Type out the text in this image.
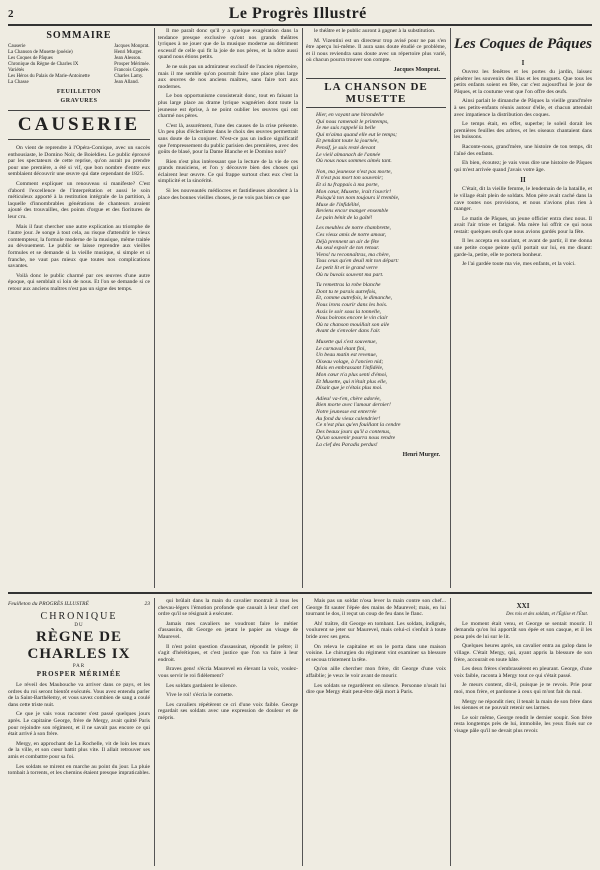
2	Le Progrès Illustré
SOMMAIRE
Causerie
La Chanson de Musette (poésie)
Les Coques de Pâques
Chronique du Règne de Charles IX
Variétés
Les Héros du Palais de Marie-Antoinette
La Chasse
Jacques Monprat.
Henri Murger.
Jean Alesson.
Prosper Mérimée.
Francois Coppée.
Charles Lamy.
Jean Alland.
FEUILLETON
GRAVURES
CAUSERIE

On vient de reprendre à l'Opéra-Comique, avec un succès enthousiaste, le Domino Noir, de Boieldieu. Le public éprouvé par les spectateurs de cette reprise, qu'on aurait pu prendre pour une première, a été si vif, que bon nombre d'entre eux semblaient découvrir une œuvre qui date cependant de 1825.

Comment expliquer un renouveau si manifeste? C'est d'abord l'excellence de l'interprétation et aussi le soin méticuleux apporté à la restitution intégrale de la partition, à laquelle d'innombrables générations de chanteurs avaient ajouté des trouvailles, des points d'orgue et des fioritures de leur cru.

Mais il faut chercher une autre explication au triomphe de l'autre jour. Je songe à tout cela, au risque d'attendrir le vieux comtempteur, la formule moderne de la musique, même traitée au dévouement. Le public se laisse reprendre aux vieilles formules et se demande si la vieille musique, si simple et si franche, ne vaut pas mieux que toutes nos complications savantes.

Voilà donc le public charmé par ces œuvres d'une autre époque, qui semblait si loin de nous. Et l'on se demande si ce retour aux anciens maîtres n'est pas un signe des temps.

Il me paraît donc qu'il y a quelque exagération dans la tendance presque exclusive qu'ont nos grands théâtres lyriques à ne jouer que de la musique moderne au détriment excessif de celle qui fit la joie de nos pères, et la nôtre aussi quand nous étions petits.

Je ne suis pas un admirateur exclusif de l'ancien répertoire, mais il me semble qu'on pourrait faire une place plus large aux œuvres de nos anciens maîtres, sans faire tort aux modernes.

Le bon opportunisme consisterait donc, tout en faisant la plus large place au drame lyrique wagnérien dont toute la jeunesse est éprise, à ne point oublier les œuvres qui ont charmé nos pères.

C'est là, assurément, l'une des causes de la crise présente. Un peu plus d'éclectisme dans le choix des œuvres permettrait sans doute de la conjurer. N'est-ce pas un indice significatif que l'empressement du public parisien des premières, avec des goûts de blasé, pour la Dame Blanche et le Domino noir?

Rien n'est plus intéressant que la lecture de la vie de ces grands musiciens, et l'on y découvre bien des choses qui éclairent leur œuvre. Ce qui frappe surtout chez eux c'est la simplicité et la sincérité.

Si les nouveautés médiocres et fastidieuses abondent à la place des bonnes vieilles choses, je ne vois pas bien ce que

le théâtre et le public auront à gagner à la substitution.

M. Vizentini est un directeur trop avisé pour ne pas s'en être aperçu lui-même. Il aura sans doute étudié ce problème, et il nous reviendra sans doute avec un répertoire plus varié, où chacun pourra trouver son compte.

Jacques Monprat.
LA CHANSON DE MUSETTE
Hier, en voyant une hirondelle
Qui nous ramenait le printemps,
Je me suis rappelé la belle
Qui m'aima quand elle eut le temps;
Et pendant toute la journée,
Pensif, je suis resté devant
Le vieil almanach de l'année
Où nous nous sommes aimés tant.
Non, ma jeunesse n'est pas morte,
Il n'est pas mort ton souvenir;
Et si tu frappais à ma porte,
Mon cœur, Musette, irait t'ouvrir!
Puisqu'à ton nom toujours il tremble,
Muse de l'infidélité,
Reviens encor manger ensemble
Le pain bénit de la gaîté!
Les meubles de notre chambrette,
Ces vieux amis de notre amour,
Déjà prennent un air de fête
Au seul espoir de ton retour.
Viens! tu reconnaîtras, ma chère,
Tous ceux qu'en deuil mit ton départ:
Le petit lit et le grand verre
Où tu buvais souvent ma part.
Tu remettras la robe blanche
Dont tu te parais autrefois,
Et, comme autrefois, le dimanche,
Nous irons courir dans les bois.
Assis le soir sous la tonnelle,
Nous boirons encore le vin clair
Où ta chanson mouillait son aile
Avant de s'envoler dans l'air.
Musette qui s'est souvenue,
Le carnaval étant fini,
Un beau matin est revenue,
Oiseau volage, à l'ancien nid;
Mais en embrassant l'infidèle,
Mon cœur n'a plus senti d'émoi,
Et Musette, qui n'était plus elle,
Disait que je n'étais plus moi.
Adieu! va-t'en, chère adorée,
Bien morte avec l'amour dernier!
Notre jeunesse est enterrée
Au fond du vieux calendrier!
Ce n'est plus qu'en fouillant la cendre
Des beaux jours qu'il a contenus,
Qu'un souvenir pourra nous rendre
La clef des Paradis perdus!
Henri Murger.
Les Coques de Pâques
I

Ouvrez les fenêtres et les portes du jardin, laissez pénétrer les souvenirs des lilas et les muguets. Que tous les petits enfants soient en fête, car c'est aujourd'hui le jour de Pâques, et la coutume veut que l'on offre des œufs.

Ainsi parlait le dimanche de Pâques la vieille grand'mère à ses petits-enfants réunis autour d'elle, et chacun attendait avec impatience la distribution des coques.

Le temps était, en effet, superbe; le soleil dorait les premières feuilles des arbres, et les oiseaux chantaient dans les buissons.

Raconte-nous, grand'mère, une histoire de ton temps, dit l'aîné des enfants.

Eh bien, écoutez; je vais vous dire une histoire de Pâques qui m'est arrivée quand j'avais votre âge.

II

C'était, dit la vieille femme, le lendemain de la bataille, et le village était plein de soldats. Mon père avait caché dans la cave toutes nos provisions, et nous n'avions plus rien à manger.

Le matin de Pâques, un jeune officier entra chez nous. Il avait l'air triste et fatigué. Ma mère lui offrit ce qui nous restait: quelques œufs que nous avions gardés pour la fête.

Il les accepta en souriant, et avant de partir, il me donna une petite coque peinte qu'il portait sur lui, en me disant: garde-la, petite, elle te portera bonheur.

Je l'ai gardée toute ma vie, mes enfants, et la voici.

Feuilleton du PROGRÈS ILLUSTRÉ	23
CHRONIQUE
DU
RÈGNE DE CHARLES IX
PAR
PROSPER MÉRIMÉE

Le réveil des Maubouche va arriver dans ce pays, et les ordres du roi seront bientôt exécutés. Vous avez entendu parler de la Saint-Barthélemy, et vous savez combien de sang a coulé dans cette triste nuit.

Ce que je vais vous raconter s'est passé quelques jours après. Le capitaine George, frère de Mergy, avait quitté Paris pour rejoindre son régiment, et il ne savait pas encore ce qui était arrivé à son frère.

Mergy, en approchant de La Rochelle, vit de loin les murs de la ville, et son cœur battit plus vite. Il allait retrouver ses amis et combattre pour sa foi.

Les soldats se mirent en marche au point du jour. La pluie tombait à torrents, et les chemins étaient presque impraticables.

qui brûlait dans la main du cavalier montrait à tous les chevau-légers l'émotion profonde que causait à leur chef cet ordre qu'il se résignait à exécuter.

Jamais mes cavaliers ne voudront faire le métier d'assassins, dit George en jetant le papier au visage de Maurevel.

Il n'est point question d'assassinat, répondit le prêtre; il s'agit d'hérétiques, et c'est justice que l'on va faire à leur endroit.

Braves gens! s'écria Maurevel en élevant la voix, voulez-vous servir le roi fidèlement?

Les soldats gardaient le silence.

Vive le roi! s'écria le cornette.

Les cavaliers répétèrent ce cri d'une voix faible. George regardait ses soldats avec une expression de douleur et de mépris.

Mais pas un soldat n'osa lever la main contre son chef... George fit sauter l'épée des mains de Maurevel; mais, en lui tournant le dos, il reçut un coup de feu dans le flanc.

Ah! traître, dit George en tombant. Les soldats, indignés, voulurent se jeter sur Maurevel, mais celui-ci s'enfuit à toute bride avec ses gens.

On releva le capitaine et on le porta dans une maison voisine. Le chirurgien du régiment vint examiner sa blessure et secoua tristement la tête.

Qu'on aille chercher mon frère, dit George d'une voix affaiblie; je veux le voir avant de mourir.

Les soldats se regardèrent en silence. Personne n'osait lui dire que Mergy était peut-être déjà mort à Paris.

XXI
Des rois et des soldats, et l'Église et l'État.

Le moment était venu, et George se sentait mourir. Il demanda qu'on lui apportât son épée et son casque, et il les posa près de lui sur le lit.

Quelques heures après, un cavalier entra au galop dans le village. C'était Mergy, qui, ayant appris la blessure de son frère, accourait en toute hâte.

Les deux frères s'embrassèrent en pleurant. George, d'une voix faible, raconta à Mergy tout ce qui s'était passé.

Je meurs content, dit-il, puisque je te revois. Prie pour moi, mon frère, et pardonne à ceux qui m'ont fait du mal.

Mergy ne répondit rien; il tenait la main de son frère dans les siennes et ne pouvait retenir ses larmes.

Le soir même, George rendit le dernier soupir. Son frère resta longtemps près de lui, immobile, les yeux fixés sur ce visage pâle qu'il ne devait plus revoir.
